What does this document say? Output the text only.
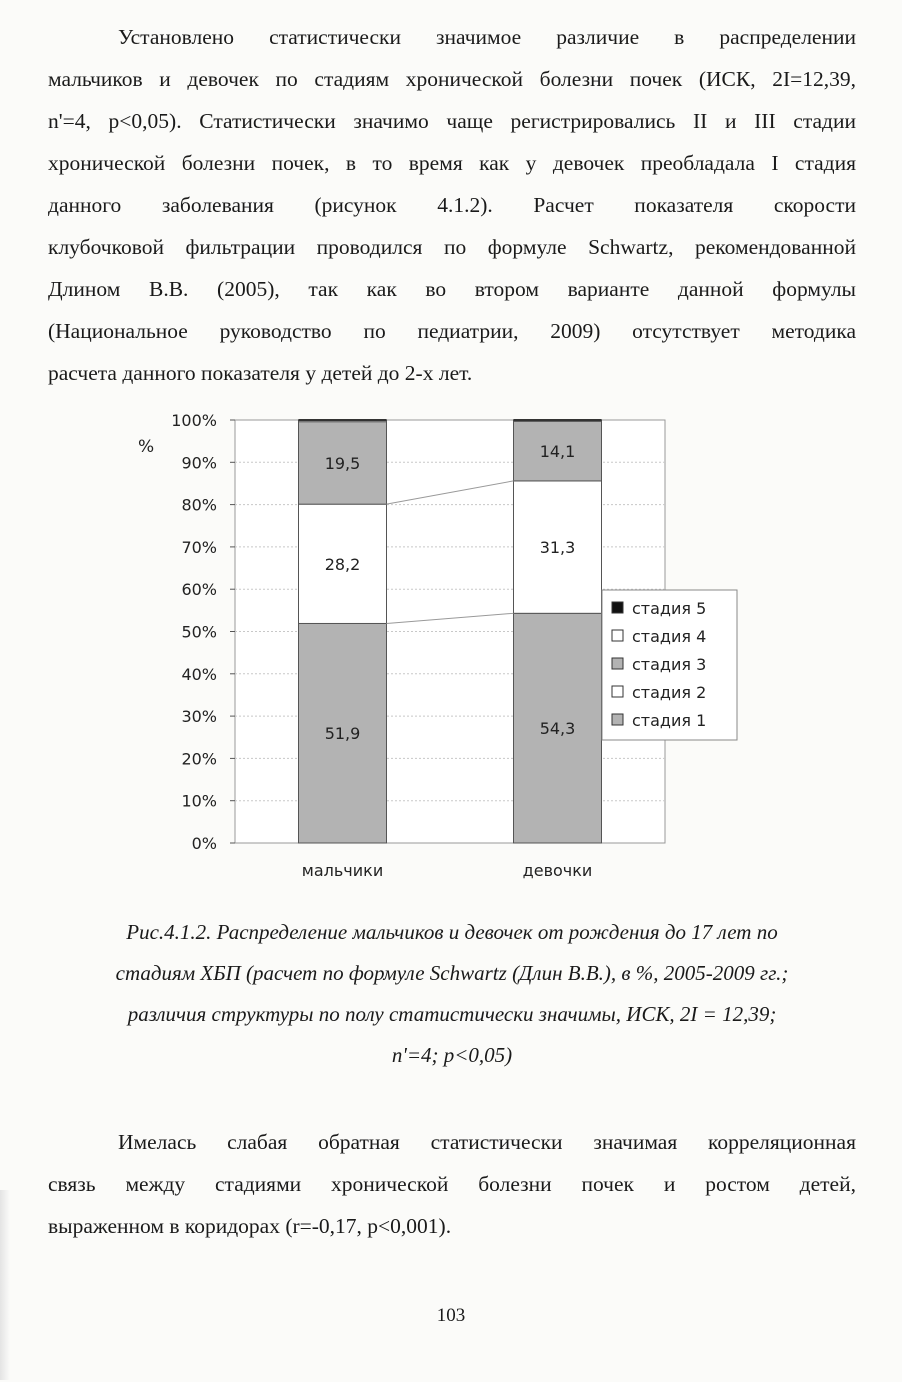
Установлено статистически значимое различие в распределении
мальчиков и девочек по стадиям хронической болезни почек (ИСК, 2I=12,39,
n'=4, p<0,05). Статистически значимо чаще регистрировались II и III стадии
хронической болезни почек, в то время как у девочек преобладала I стадия
данного заболевания (рисунок 4.1.2). Расчет показателя скорости
клубочковой фильтрации проводился по формуле Schwartz, рекомендованной
Длином В.В. (2005), так как во втором варианте данной формулы
(Национальное руководство по педиатрии, 2009) отсутствует методика
расчета данного показателя у детей до 2-х лет.
0%
10%
20%
30%
40%
50%
60%
70%
80%
90%
100%
%
51,9
28,2
19,5
мальчики
54,3
31,3
14,1
девочки
стадия 5
стадия 4
стадия 3
стадия 2
стадия 1
Рис.4.1.2. Распределение мальчиков и девочек от рождения до 17 лет по
стадиям ХБП (расчет по формуле Schwartz (Длин В.В.), в %, 2005-2009 гг.;
различия структуры по полу статистически значимы, ИСК, 2I = 12,39;
n'=4; p<0,05)
Имелась слабая обратная статистически значимая корреляционная
связь между стадиями хронической болезни почек и ростом детей,
выраженном в коридорах (r=-0,17, p<0,001).
103
